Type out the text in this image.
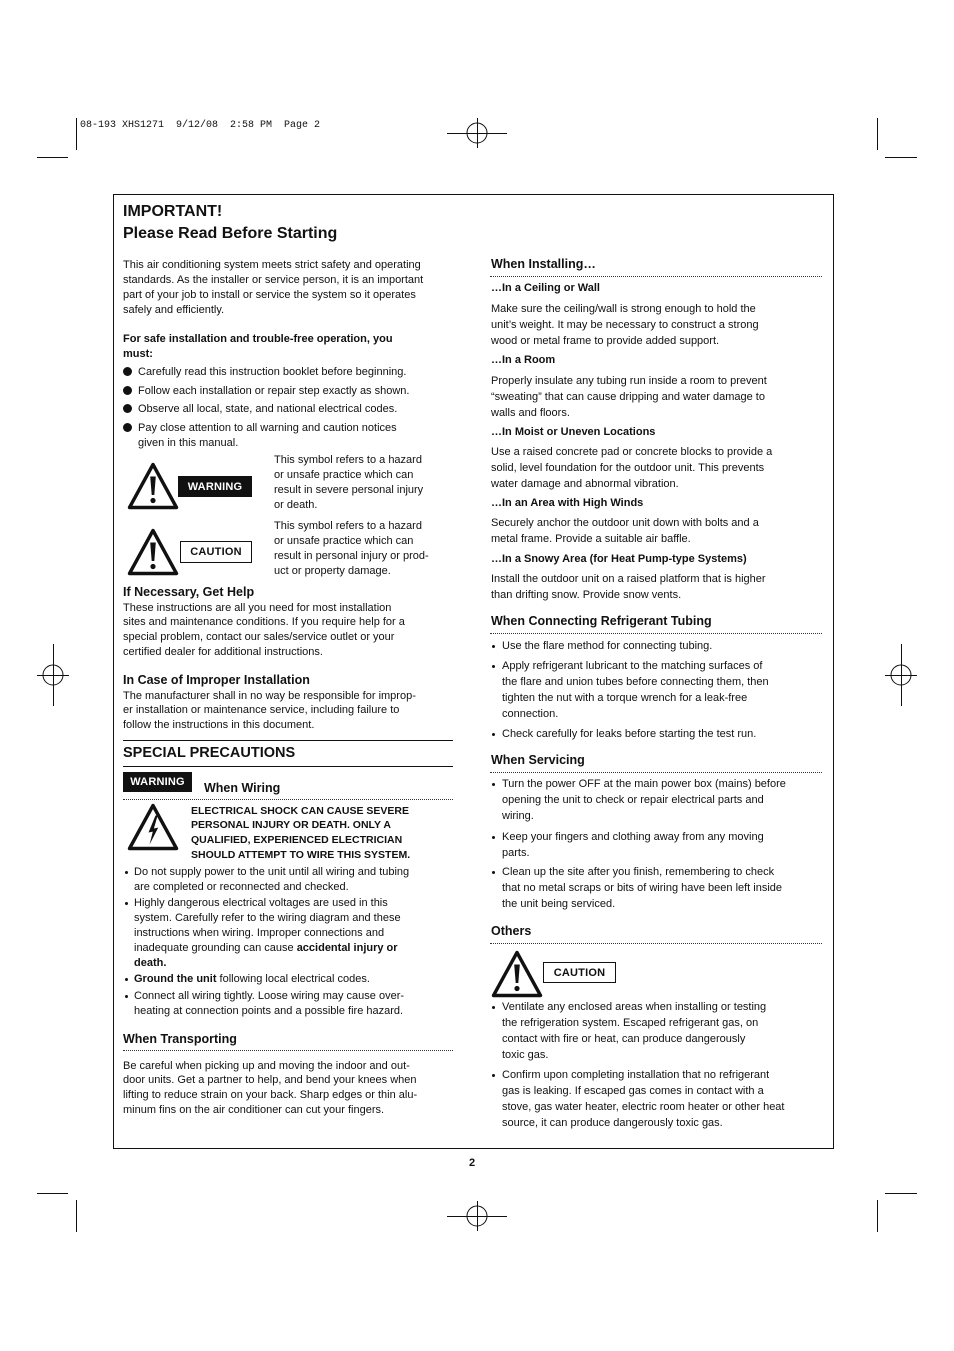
08-193 XHS1271  9/12/08  2:58 PM  Page 2
IMPORTANT!
Please Read Before Starting
This air conditioning system meets strict safety and operating
standards. As the installer or service person, it is an important
part of your job to install or service the system so it operates
safely and efficiently.
For safe installation and trouble-free operation, you
must:
Carefully read this instruction booklet before beginning.
Follow each installation or repair step exactly as shown.
Observe all local, state, and national electrical codes.
Pay close attention to all warning and caution notices
given in this manual.
WARNING
This symbol refers to a hazard
or unsafe practice which can
result in severe personal injury
or death.
CAUTION
This symbol refers to a hazard
or unsafe practice which can
result in personal injury or prod-
uct or property damage.
If Necessary, Get Help
These instructions are all you need for most installation
sites and maintenance conditions. If you require help for a
special problem, contact our sales/service outlet or your
certified dealer for additional instructions.
In Case of Improper Installation
The manufacturer shall in no way be responsible for improp-
er installation or maintenance service, including failure to
follow the instructions in this document.
SPECIAL PRECAUTIONS
WARNING	When Wiring
ELECTRICAL SHOCK CAN CAUSE SEVERE
PERSONAL INJURY OR DEATH. ONLY A
QUALIFIED, EXPERIENCED ELECTRICIAN
SHOULD ATTEMPT TO WIRE THIS SYSTEM.
Do not supply power to the unit until all wiring and tubing
are completed or reconnected and checked.
Highly dangerous electrical voltages are used in this
system. Carefully refer to the wiring diagram and these
instructions when wiring. Improper connections and
inadequate grounding can cause accidental injury or
death.
Ground the unit following local electrical codes.
Connect all wiring tightly. Loose wiring may cause over-
heating at connection points and a possible fire hazard.
When Transporting
Be careful when picking up and moving the indoor and out-
door units. Get a partner to help, and bend your knees when
lifting to reduce strain on your back. Sharp edges or thin alu-
minum fins on the air conditioner can cut your fingers.
When Installing…
…In a Ceiling or Wall
Make sure the ceiling/wall is strong enough to hold the
unit’s weight. It may be necessary to construct a strong
wood or metal frame to provide added support.
…In a Room
Properly insulate any tubing run inside a room to prevent
“sweating” that can cause dripping and water damage to
walls and floors.
…In Moist or Uneven Locations
Use a raised concrete pad or concrete blocks to provide a
solid, level foundation for the outdoor unit. This prevents
water damage and abnormal vibration.
…In an Area with High Winds
Securely anchor the outdoor unit down with bolts and a
metal frame. Provide a suitable air baffle.
…In a Snowy Area (for Heat Pump-type Systems)
Install the outdoor unit on a raised platform that is higher
than drifting snow. Provide snow vents.
When Connecting Refrigerant Tubing
Use the flare method for connecting tubing.
Apply refrigerant lubricant to the matching surfaces of
the flare and union tubes before connecting them, then
tighten the nut with a torque wrench for a leak-free
connection.
Check carefully for leaks before starting the test run.
When Servicing
Turn the power OFF at the main power box (mains) before
opening the unit to check or repair electrical parts and
wiring.
Keep your fingers and clothing away from any moving
parts.
Clean up the site after you finish, remembering to check
that no metal scraps or bits of wiring have been left inside
the unit being serviced.
Others
CAUTION
Ventilate any enclosed areas when installing or testing
the refrigeration system. Escaped refrigerant gas, on
contact with fire or heat, can produce dangerously
toxic gas.
Confirm upon completing installation that no refrigerant
gas is leaking. If escaped gas comes in contact with a
stove, gas water heater, electric room heater or other heat
source, it can produce dangerously toxic gas.
2
